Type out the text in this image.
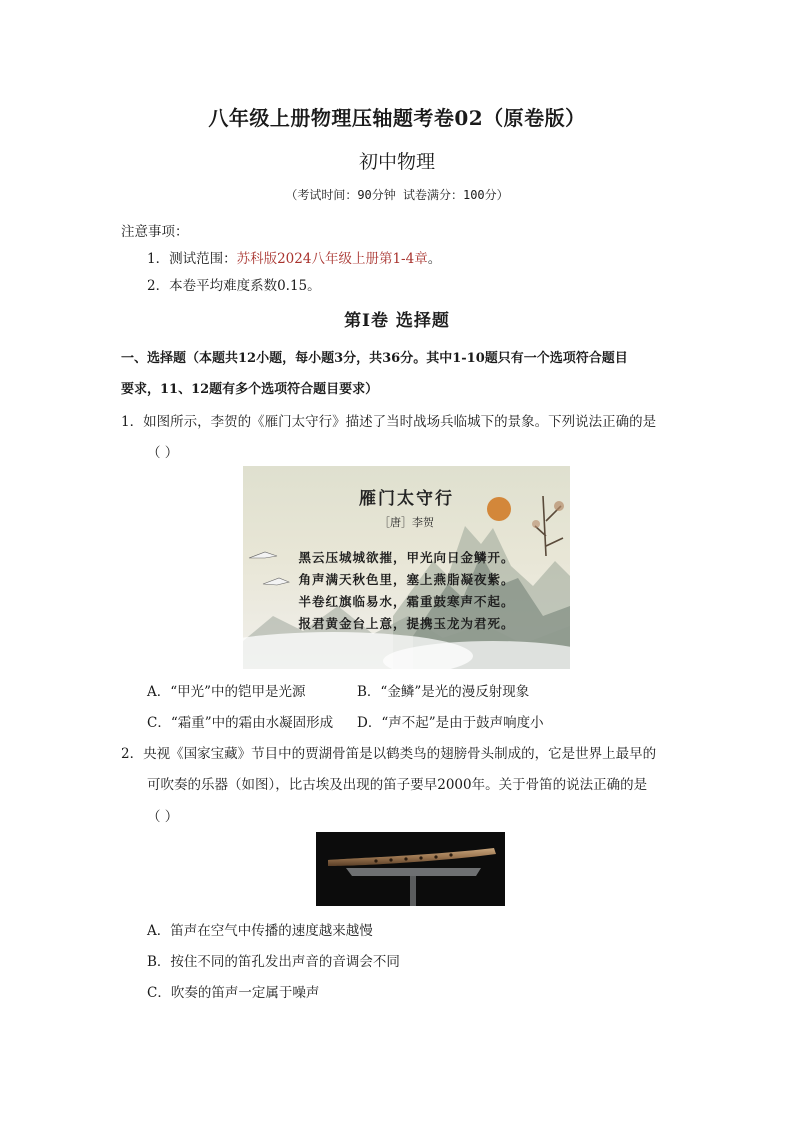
八年级上册物理压轴题考卷02（原卷版）
初中物理
（考试时间：90分钟 试卷满分：100分）
注意事项：
1．测试范围：苏科版2024八年级上册第1-4章。
2．本卷平均难度系数0.15。
第Ⅰ卷 选择题
一、选择题（本题共12小题，每小题3分，共36分。其中1-10题只有一个选项符合题目
要求，11、12题有多个选项符合题目要求）
1．如图所示，李贺的《雁门太守行》描述了当时战场兵临城下的景象。下列说法正确的是
（ ）
雁门太守行
［唐］李贺
黑云压城城欲摧，甲光向日金鳞开。
角声满天秋色里，塞上燕脂凝夜紫。
半卷红旗临易水，霜重鼓寒声不起。
报君黄金台上意，提携玉龙为君死。
A．“甲光”中的铠甲是光源	B．“金鳞”是光的漫反射现象
C．“霜重”中的霜由水凝固形成 D．“声不起”是由于鼓声响度小
2．央视《国家宝藏》节目中的贾湖骨笛是以鹤类鸟的翅膀骨头制成的，它是世界上最早的
可吹奏的乐器（如图），比古埃及出现的笛子要早2000年。关于骨笛的说法正确的是
（ ）
A．笛声在空气中传播的速度越来越慢
B．按住不同的笛孔发出声音的音调会不同
C．吹奏的笛声一定属于噪声
